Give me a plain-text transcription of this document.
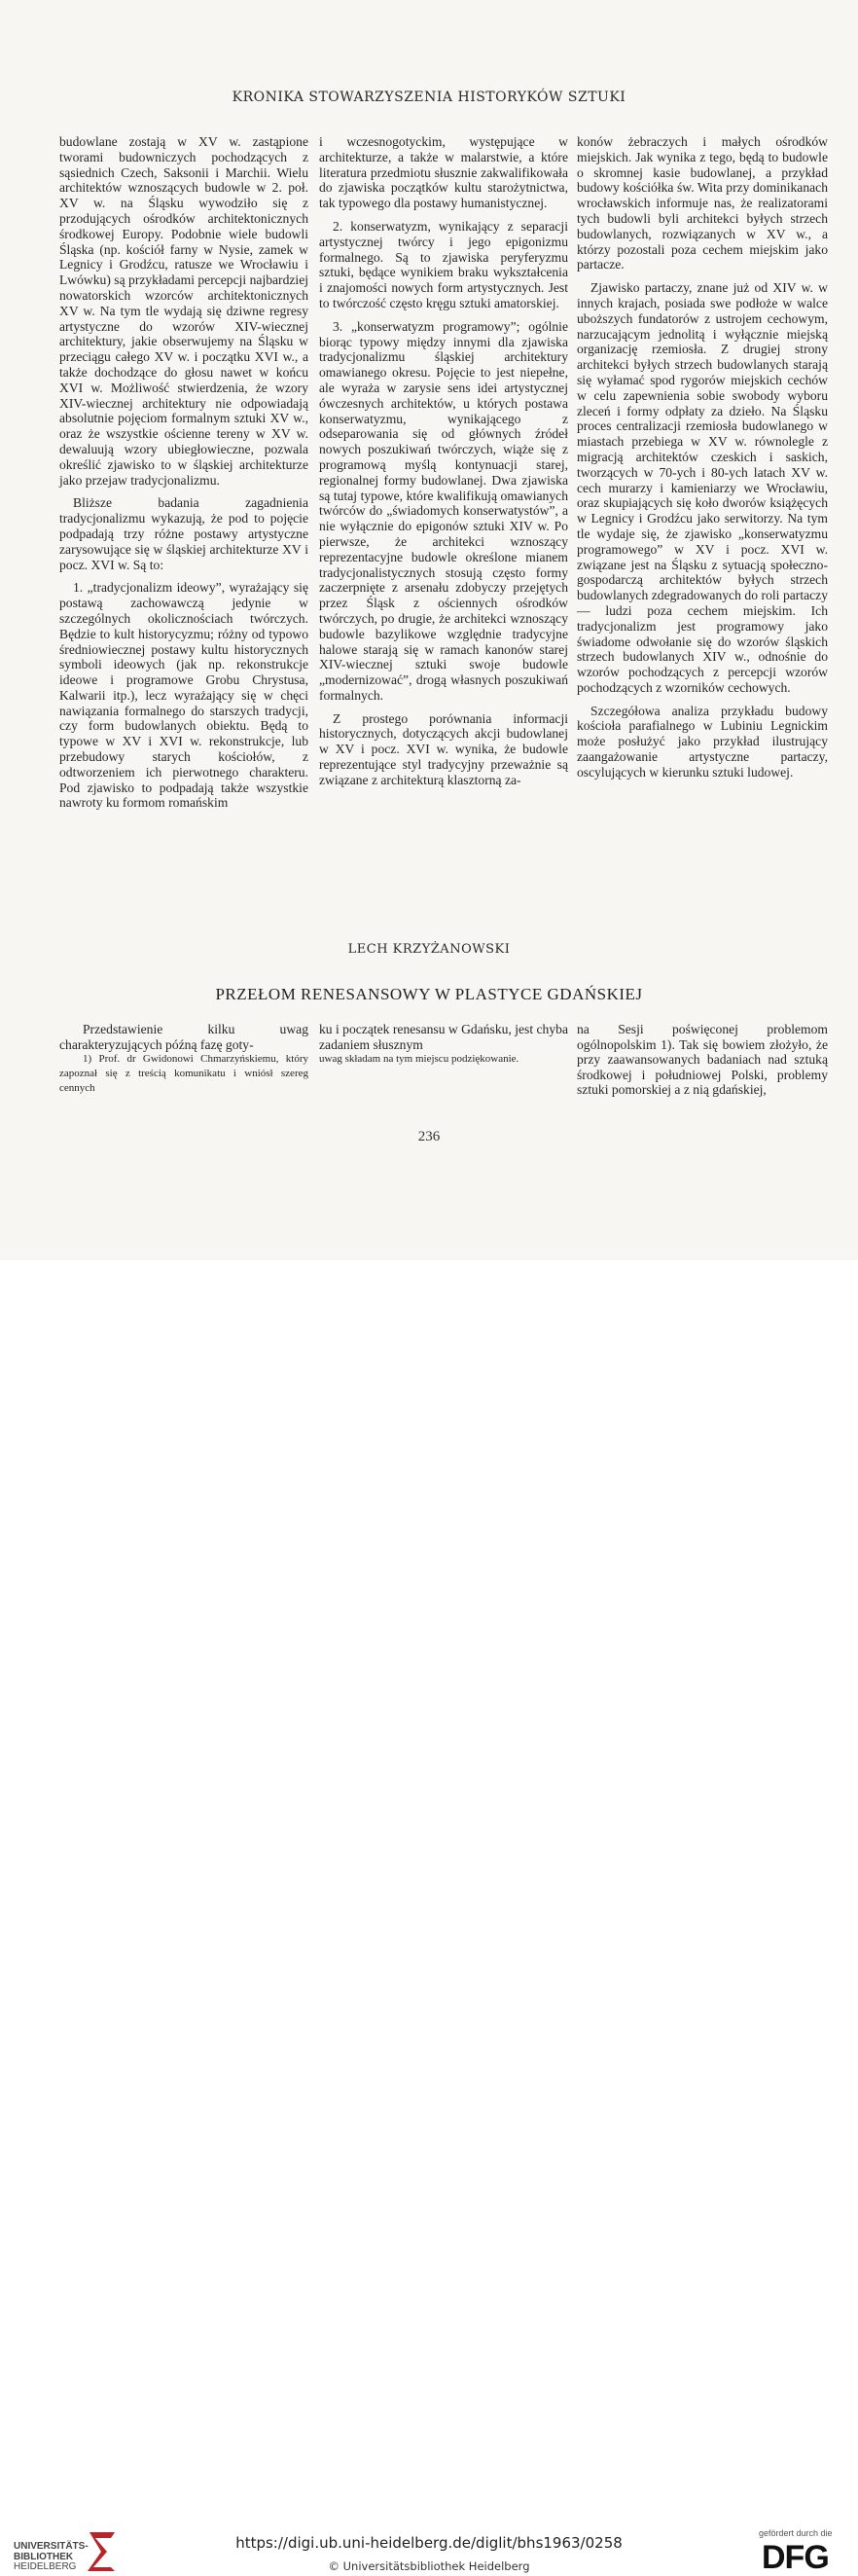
KRONIKA STOWARZYSZENIA HISTORYKÓW SZTUKI

budowlane zostają w XV w. zastąpione tworami budowniczych pochodzących z sąsiednich Czech, Saksonii i Marchii. Wielu architektów wznoszących budowle w 2. poł. XV w. na Śląsku wywodziło się z przodujących ośrodków architektonicznych środkowej Europy. Podobnie wiele budowli Śląska (np. kościół farny w Nysie, zamek w Legnicy i Grodźcu, ratusze we Wrocławiu i Lwówku) są przykładami percepcji najbardziej nowatorskich wzorców architektonicznych XV w. Na tym tle wydają się dziwne regresy artystyczne do wzorów XIV-wiecznej architektury, jakie obserwujemy na Śląsku w przeciągu całego XV w. i początku XVI w., a także dochodzące do głosu nawet w końcu XVI w. Możliwość stwierdzenia, że wzory XIV-wiecznej architektury nie odpowiadają absolutnie pojęciom formalnym sztuki XV w., oraz że wszystkie ościenne tereny w XV w. dewaluują wzory ubiegłowieczne, pozwala określić zjawisko to w śląskiej architekturze jako przejaw tradycjonalizmu.

Bliższe badania zagadnienia tradycjonalizmu wykazują, że pod to pojęcie podpadają trzy różne postawy artystyczne zarysowujące się w śląskiej architekturze XV i pocz. XVI w. Są to:

1. „tradycjonalizm ideowy”, wyrażający się postawą zachowawczą jedynie w szczególnych okolicznościach twórczych. Będzie to kult historycyzmu; różny od typowo średniowiecznej postawy kultu historycznych symboli ideowych (jak np. rekonstrukcje ideowe i programowe Grobu Chrystusa, Kalwarii itp.), lecz wyrażający się w chęci nawiązania formalnego do starszych tradycji, czy form budowlanych obiektu. Będą to typowe w XV i XVI w. rekonstrukcje, lub przebudowy starych kościołów, z odtworzeniem ich pierwotnego charakteru. Pod zjawisko to podpadają także wszystkie nawroty ku formom romańskim

i wczesnogotyckim, występujące w architekturze, a także w malarstwie, a które literatura przedmiotu słusznie zakwalifikowała do zjawiska początków kultu starożytnictwa, tak typowego dla postawy humanistycznej.

2. konserwatyzm, wynikający z separacji artystycznej twórcy i jego epigonizmu formalnego. Są to zjawiska peryferyzmu sztuki, będące wynikiem braku wykształcenia i znajomości nowych form artystycznych. Jest to twórczość często kręgu sztuki amatorskiej.

3. „konserwatyzm programowy”; ogólnie biorąc typowy między innymi dla zjawiska tradycjonalizmu śląskiej architektury omawianego okresu. Pojęcie to jest niepełne, ale wyraża w zarysie sens idei artystycznej ówczesnych architektów, u których postawa konserwatyzmu, wynikającego z odseparowania się od głównych źródeł nowych poszukiwań twórczych, wiąże się z programową myślą kontynuacji starej, regionalnej formy budowlanej. Dwa zjawiska są tutaj typowe, które kwalifikują omawianych twórców do „świadomych konserwatystów”, a nie wyłącznie do epigonów sztuki XIV w. Po pierwsze, że architekci wznoszący reprezentacyjne budowle określone mianem tradycjonalistycznych stosują często formy zaczerpnięte z arsenału zdobyczy przejętych przez Śląsk z ościennych ośrodków twórczych, po drugie, że architekci wznoszący budowle bazylikowe względnie tradycyjne halowe starają się w ramach kanonów starej XIV-wiecznej sztuki swoje budowle „modernizować”, drogą własnych poszukiwań formalnych.

Z prostego porównania informacji historycznych, dotyczących akcji budowlanej w XV i pocz. XVI w. wynika, że budowle reprezentujące styl tradycyjny przeważnie są związane z architekturą klasztorną za-

konów żebraczych i małych ośrodków miejskich. Jak wynika z tego, będą to budowle o skromnej kasie budowlanej, a przykład budowy kościółka św. Wita przy dominikanach wrocławskich informuje nas, że realizatorami tych budowli byli architekci byłych strzech budowlanych, rozwiązanych w XV w., a którzy pozostali poza cechem miejskim jako partacze.

Zjawisko partaczy, znane już od XIV w. w innych krajach, posiada swe podłoże w walce uboższych fundatorów z ustrojem cechowym, narzucającym jednolitą i wyłącznie miejską organizację rzemiosła. Z drugiej strony architekci byłych strzech budowlanych starają się wyłamać spod rygorów miejskich cechów w celu zapewnienia sobie swobody wyboru zleceń i formy odpłaty za dzieło. Na Śląsku proces centralizacji rzemiosła budowlanego w miastach przebiega w XV w. równolegle z migracją architektów czeskich i saskich, tworzących w 70-ych i 80-ych latach XV w. cech murarzy i kamieniarzy we Wrocławiu, oraz skupiających się koło dworów książęcych w Legnicy i Grodźcu jako serwitorzy. Na tym tle wydaje się, że zjawisko „konserwatyzmu programowego” w XV i pocz. XVI w. związane jest na Śląsku z sytuacją społeczno-gospodarczą architektów byłych strzech budowlanych zdegradowanych do roli partaczy — ludzi poza cechem miejskim. Ich tradycjonalizm jest programowy jako świadome odwołanie się do wzorów śląskich strzech budowlanych XIV w., odnośnie do wzorów pochodzących z percepcji wzorów pochodzących z wzorników cechowych.

Szczegółowa analiza przykładu budowy kościoła parafialnego w Lubiniu Legnickim może posłużyć jako przykład ilustrujący zaangażowanie artystyczne partaczy, oscylujących w kierunku sztuki ludowej.

LECH KRZYŻANOWSKI
PRZEŁOM RENESANSOWY W PLASTYCE GDAŃSKIEJ

Przedstawienie kilku uwag charakteryzujących późną fazę goty-

1) Prof. dr Gwidonowi Chmarzyńskiemu, który zapoznał się z treścią komunikatu i wniósł szereg cennych

ku i początek renesansu w Gdańsku, jest chyba zadaniem słusznym

uwag składam na tym miejscu podziękowanie.

na Sesji poświęconej problemom ogólnopolskim 1). Tak się bowiem złożyło, że przy zaawansowanych badaniach nad sztuką środkowej i południowej Polski, problemy sztuki pomorskiej a z nią gdańskiej,

236
UNIVERSITÄTS-
BIBLIOTHEK
HEIDELBERG
https://digi.ub.uni-heidelberg.de/diglit/bhs1963/0258
© Universitätsbibliothek Heidelberg
gefördert durch die
DFG
